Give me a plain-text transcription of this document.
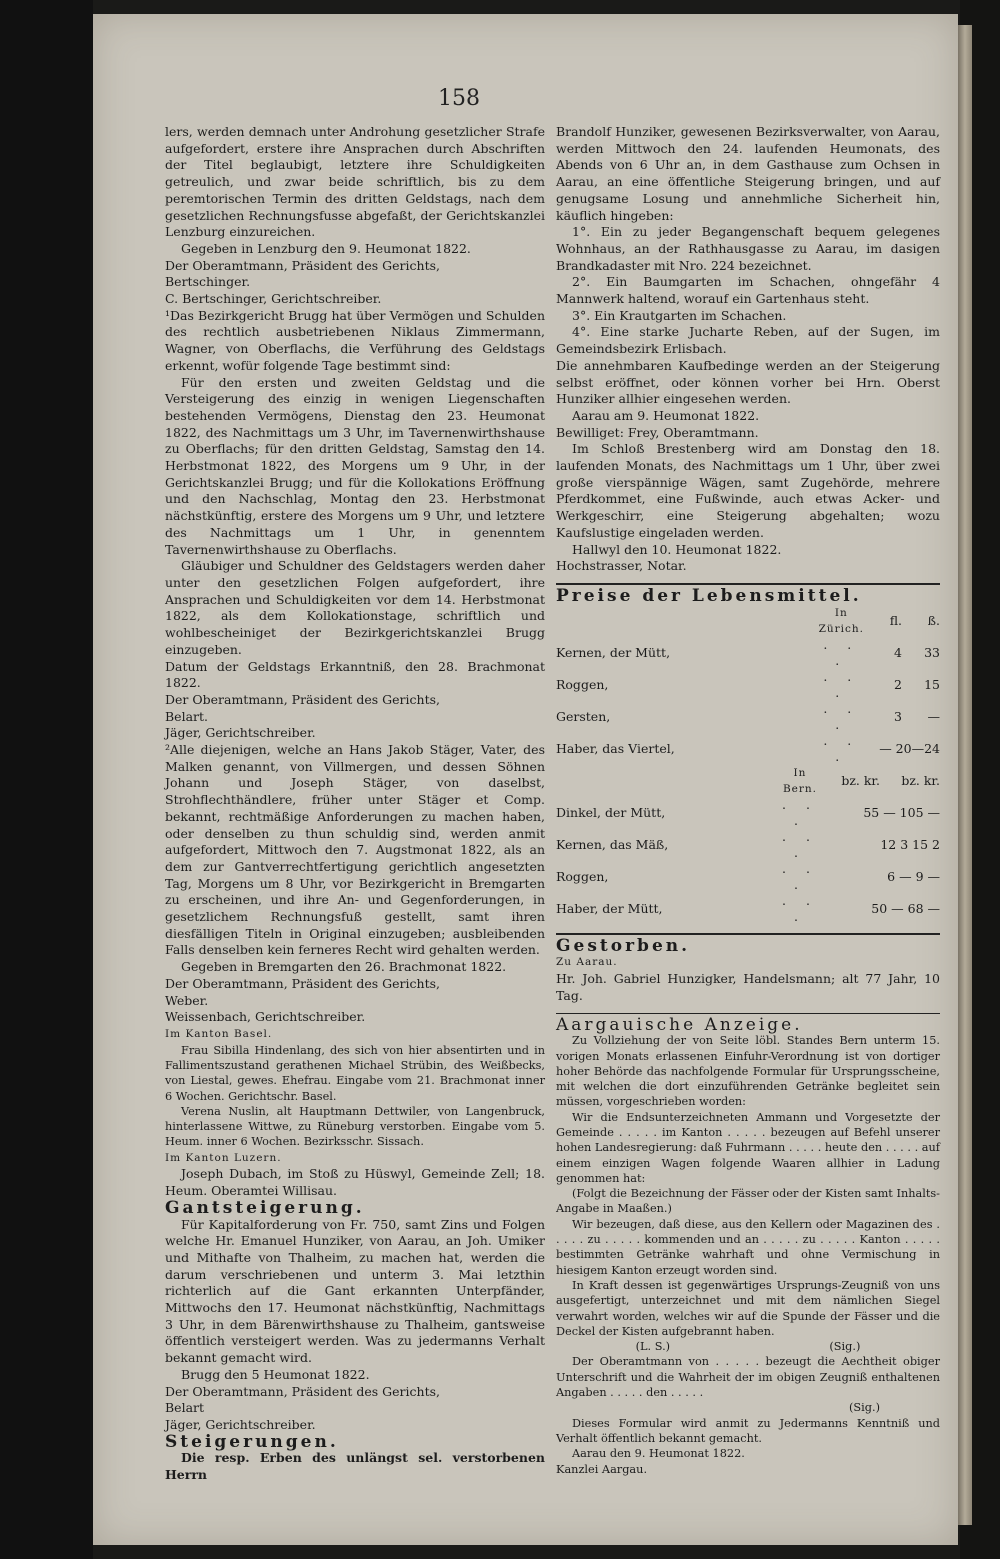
158

lers, werden demnach unter Androhung gesetzlicher Strafe aufgefordert, erstere ihre Ansprachen durch Abschriften der Titel beglaubigt, letztere ihre Schuldigkeiten getreulich, und zwar beide schriftlich, bis zu dem peremtorischen Termin des dritten Geldstags, nach dem gesetzlichen Rechnungsfusse abgefaßt, der Gerichtskanzlei Lenzburg einzureichen.

Gegeben in Lenzburg den 9. Heumonat 1822.

Der Oberamtmann, Präsident des Gerichts,

Bertschinger.

C. Bertschinger, Gerichtschreiber.

¹Das Bezirkgericht Brugg hat über Vermögen und Schulden des rechtlich ausbetriebenen Niklaus Zimmermann, Wagner, von Oberflachs, die Verführung des Geldstags erkennt, wofür folgende Tage bestimmt sind:

Für den ersten und zweiten Geldstag und die Versteigerung des einzig in wenigen Liegenschaften bestehenden Vermögens, Dienstag den 23. Heumonat 1822, des Nachmittags um 3 Uhr, im Tavernenwirthshause zu Oberflachs; für den dritten Geldstag, Samstag den 14. Herbstmonat 1822, des Morgens um 9 Uhr, in der Gerichtskanzlei Brugg; und für die Kollokations Eröffnung und den Nachschlag, Montag den 23. Herbstmonat nächstkünftig, erstere des Morgens um 9 Uhr, und letztere des Nachmittags um 1 Uhr, in genenntem Tavernenwirthshause zu Oberflachs.

Gläubiger und Schuldner des Geldstagers werden daher unter den gesetzlichen Folgen aufgefordert, ihre Ansprachen und Schuldigkeiten vor dem 14. Herbstmonat 1822, als dem Kollokationstage, schriftlich und wohlbescheiniget der Bezirkgerichtskanzlei Brugg einzugeben.

Datum der Geldstags Erkanntniß, den 28. Brachmonat 1822.

Der Oberamtmann, Präsident des Gerichts,

Belart.

Jäger, Gerichtschreiber.

²Alle diejenigen, welche an Hans Jakob Stäger, Vater, des Malken genannt, von Villmergen, und dessen Söhnen Johann und Joseph Stäger, von daselbst, Strohflechthändlere, früher unter Stäger et Comp. bekannt, rechtmäßige Anforderungen zu machen haben, oder denselben zu thun schuldig sind, werden anmit aufgefordert, Mittwoch den 7. Augstmonat 1822, als an dem zur Gantverrechtfertigung gerichtlich angesetzten Tag, Morgens um 8 Uhr, vor Bezirkgericht in Bremgarten zu erscheinen, und ihre An- und Gegenforderungen, in gesetzlichem Rechnungsfuß gestellt, samt ihren diesfälligen Titeln in Original einzugeben; ausbleibenden Falls denselben kein ferneres Recht wird gehalten werden.

Gegeben in Bremgarten den 26. Brachmonat 1822.

Der Oberamtmann, Präsident des Gerichts,

Weber.

Weissenbach, Gerichtschreiber.

Im Kanton Basel.

Frau Sibilla Hindenlang, des sich von hier absentirten und in Fallimentszustand gerathenen Michael Strübin, des Weißbecks, von Liestal, gewes. Ehefrau. Eingabe vom 21. Brachmonat inner 6 Wochen. Gerichtschr. Basel.

Verena Nuslin, alt Hauptmann Dettwiler, von Langenbruck, hinterlassene Wittwe, zu Rüneburg verstorben. Eingabe vom 5. Heum. inner 6 Wochen. Bezirksschr. Sissach.

Im Kanton Luzern.

Joseph Dubach, im Stoß zu Hüswyl, Gemeinde Zell; 18. Heum. Oberamtei Willisau.

Gantsteigerung.

Für Kapitalforderung von Fr. 750, samt Zins und Folgen welche Hr. Emanuel Hunziker, von Aarau, an Joh. Umiker und Mithafte von Thalheim, zu machen hat, werden die darum verschriebenen und unterm 3. Mai letzthin richterlich auf die Gant erkannten Unterpfänder, Mittwochs den 17. Heumonat nächstkünftig, Nachmittags 3 Uhr, in dem Bärenwirthshause zu Thalheim, gantsweise öffentlich versteigert werden. Was zu jedermanns Verhalt bekannt gemacht wird.

Brugg den 5 Heumonat 1822.

Der Oberamtmann, Präsident des Gerichts,

Belart

Jäger, Gerichtschreiber.

Steigerungen.

Die resp. Erben des unlängst sel. verstorbenen Herrn

Brandolf Hunziker, gewesenen Bezirksverwalter, von Aarau, werden Mittwoch den 24. laufenden Heumonats, des Abends von 6 Uhr an, in dem Gasthause zum Ochsen in Aarau, an eine öffentliche Steigerung bringen, und auf genugsame Losung und annehmliche Sicherheit hin, käuflich hingeben:

1°. Ein zu jeder Begangenschaft bequem gelegenes Wohnhaus, an der Rathhausgasse zu Aarau, im dasigen Brandkadaster mit Nro. 224 bezeichnet.

2°. Ein Baumgarten im Schachen, ohngefähr 4 Mannwerk haltend, worauf ein Gartenhaus steht.

3°. Ein Krautgarten im Schachen.

4°. Eine starke Jucharte Reben, auf der Sugen, im Gemeindsbezirk Erlisbach.

Die annehmbaren Kaufbedinge werden an der Steigerung selbst eröffnet, oder können vorher bei Hrn. Oberst Hunziker allhier eingesehen werden.

Aarau am 9. Heumonat 1822.

Bewilliget: Frey, Oberamtmann.

Im Schloß Brestenberg wird am Donstag den 18. laufenden Monats, des Nachmittags um 1 Uhr, über zwei große vierspännige Wägen, samt Zugehörde, mehrere Pferdkommet, eine Fußwinde, auch etwas Acker- und Werkgeschirr, eine Steigerung abgehalten; wozu Kaufslustige eingeladen werden.

Hallwyl den 10. Heumonat 1822.

Hochstrasser, Notar.

Preise der Lebensmittel.

	In Zürich.	fl.	ß.
Kernen, der Mütt,	. . .	4	33
Roggen,	. . .	2	15
Gersten,	. . .	3	—
Haber, das Viertel,	. . .	— 20—24	
	In Bern.	bz. kr.	bz. kr.
Dinkel, der Mütt,	. . .	55 — 105 —	
Kernen, das Mäß,	. . .	12 3 15 2	
Roggen,	. . .	6 — 9 —	
Haber, der Mütt,	. . .	50 — 68 —	

Gestorben.

Zu Aarau.

Hr. Joh. Gabriel Hunzigker, Handelsmann; alt 77 Jahr, 10 Tag.

Aargauische Anzeige.

Zu Vollziehung der von Seite löbl. Standes Bern unterm 15. vorigen Monats erlassenen Einfuhr-Verordnung ist von dortiger hoher Behörde das nachfolgende Formular für Ursprungsscheine, mit welchen die dort einzuführenden Getränke begleitet sein müssen, vorgeschrieben worden:

Wir die Endsunterzeichneten Ammann und Vorgesetzte der Gemeinde . . . . . im Kanton . . . . . bezeugen auf Befehl unserer hohen Landesregierung: daß Fuhrmann . . . . . heute den . . . . . auf einem einzigen Wagen folgende Waaren allhier in Ladung genommen hat:

(Folgt die Bezeichnung der Fässer oder der Kisten samt Inhalts-Angabe in Maaßen.)

Wir bezeugen, daß diese, aus den Kellern oder Magazinen des . . . . . zu . . . . . kommenden und an . . . . . zu . . . . . Kanton . . . . . bestimmten Getränke wahrhaft und ohne Vermischung in hiesigem Kanton erzeugt worden sind.

In Kraft dessen ist gegenwärtiges Ursprungs-Zeugniß von uns ausgefertigt, unterzeichnet und mit dem nämlichen Siegel verwahrt worden, welches wir auf die Spunde der Fässer und die Deckel der Kisten aufgebrannt haben.

(L. S.)	(Sig.)

Der Oberamtmann von . . . . . bezeugt die Aechtheit obiger Unterschrift und die Wahrheit der im obigen Zeugniß enthaltenen Angaben . . . . . den . . . . .

(Sig.)

Dieses Formular wird anmit zu Jedermanns Kenntniß und Verhalt öffentlich bekannt gemacht.

Aarau den 9. Heumonat 1822.

Kanzlei Aargau.
